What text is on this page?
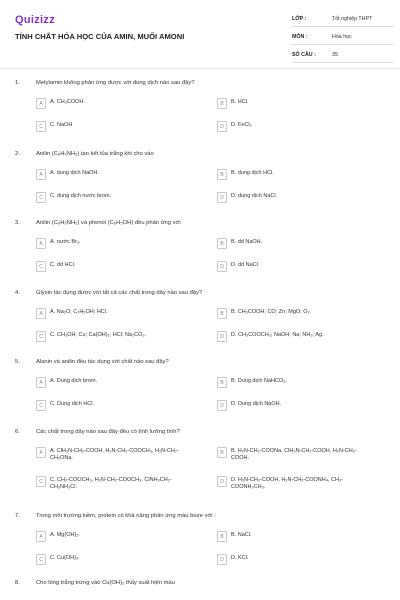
Quizizz
TÍNH CHẤT HÓA HỌC CỦA AMIN, MUỐI AMONI
LỚP :	Tốt nghiệp THPT
MÔN :	Hóa học
SỐ CÂU :	35
1.	Metylamin không phản ứng được với dung dịch nào sau đây?
A	A. CH₃COOH.	B	B. HCl.
C	C. NaOH	D	D. FeCl₂
2.	Anilin (C₆H₅NH₂) tạo kết tủa trắng khi cho vào
A	A. dung dịch NaOH.	B	B. dung dịch HCl.
C	C. dung dịch nước brom.	D	D. dung dịch NaCl.
3.	Anilin (C₆H₅NH₂) và phenol (C₆H₅OH) đều phản ứng với
A	A. nước Br₂.	B	B. dd NaOH.
C	C. dd HCl.	D	D. dd NaCl.
4.	Glyxin tác dụng được với tất cả các chất trong dãy nào sau đây?
A	A. Na₂O; C₂H₅OH; HCl.	B	B. CH₃COOH; CO; Zn; MgO; O₂.
C	C. CH₃OH; Cu; Ca(OH)₂; HCl; Na₂CO₃.	D	D. CH₃COOCH₃; NaOH; Na; NH₃; Ag.
5.	Alanin và anilin đều tác dụng với chất nào sau đây?
A	A. Dung dịch brom.	B	B. Dung dịch NaHCO₃.
C	C. Dung dịch HCl.	D	D. Dung dịch NaOH.
6.	Các chất trong dãy nào sau đây đều có tính lưỡng tính?
A	A. ClH₃N-CH₂-COOH, H₂N-CH₂-COOCH₃, H₂N-CH₂-CH₂ONa.
B	B. H₂N-CH₂-COONa, ClH₃N-CH₂-COOH, H₂N-CH₂-COOH.
C	C. CH₃-COOCH₃, H₂N-CH₂-COOCH₃, ClNH₃CH₂-CH₂NH₃Cl.
D	D. H₂N-CH₂-COOH, H₂N-CH₂-COONH₄, CH₃-COONH₃CH₃.
7.	Trong môi trường kiềm, protein có khả năng phản ứng màu biure với :
A	A. Mg(OH)₂.	B	B. NaCl.
C	C. Cu(OH)₂.	D	D. KCl.
8.	Cho lòng trắng trứng vào Cu(OH)₂ thấy xuất hiện màu
